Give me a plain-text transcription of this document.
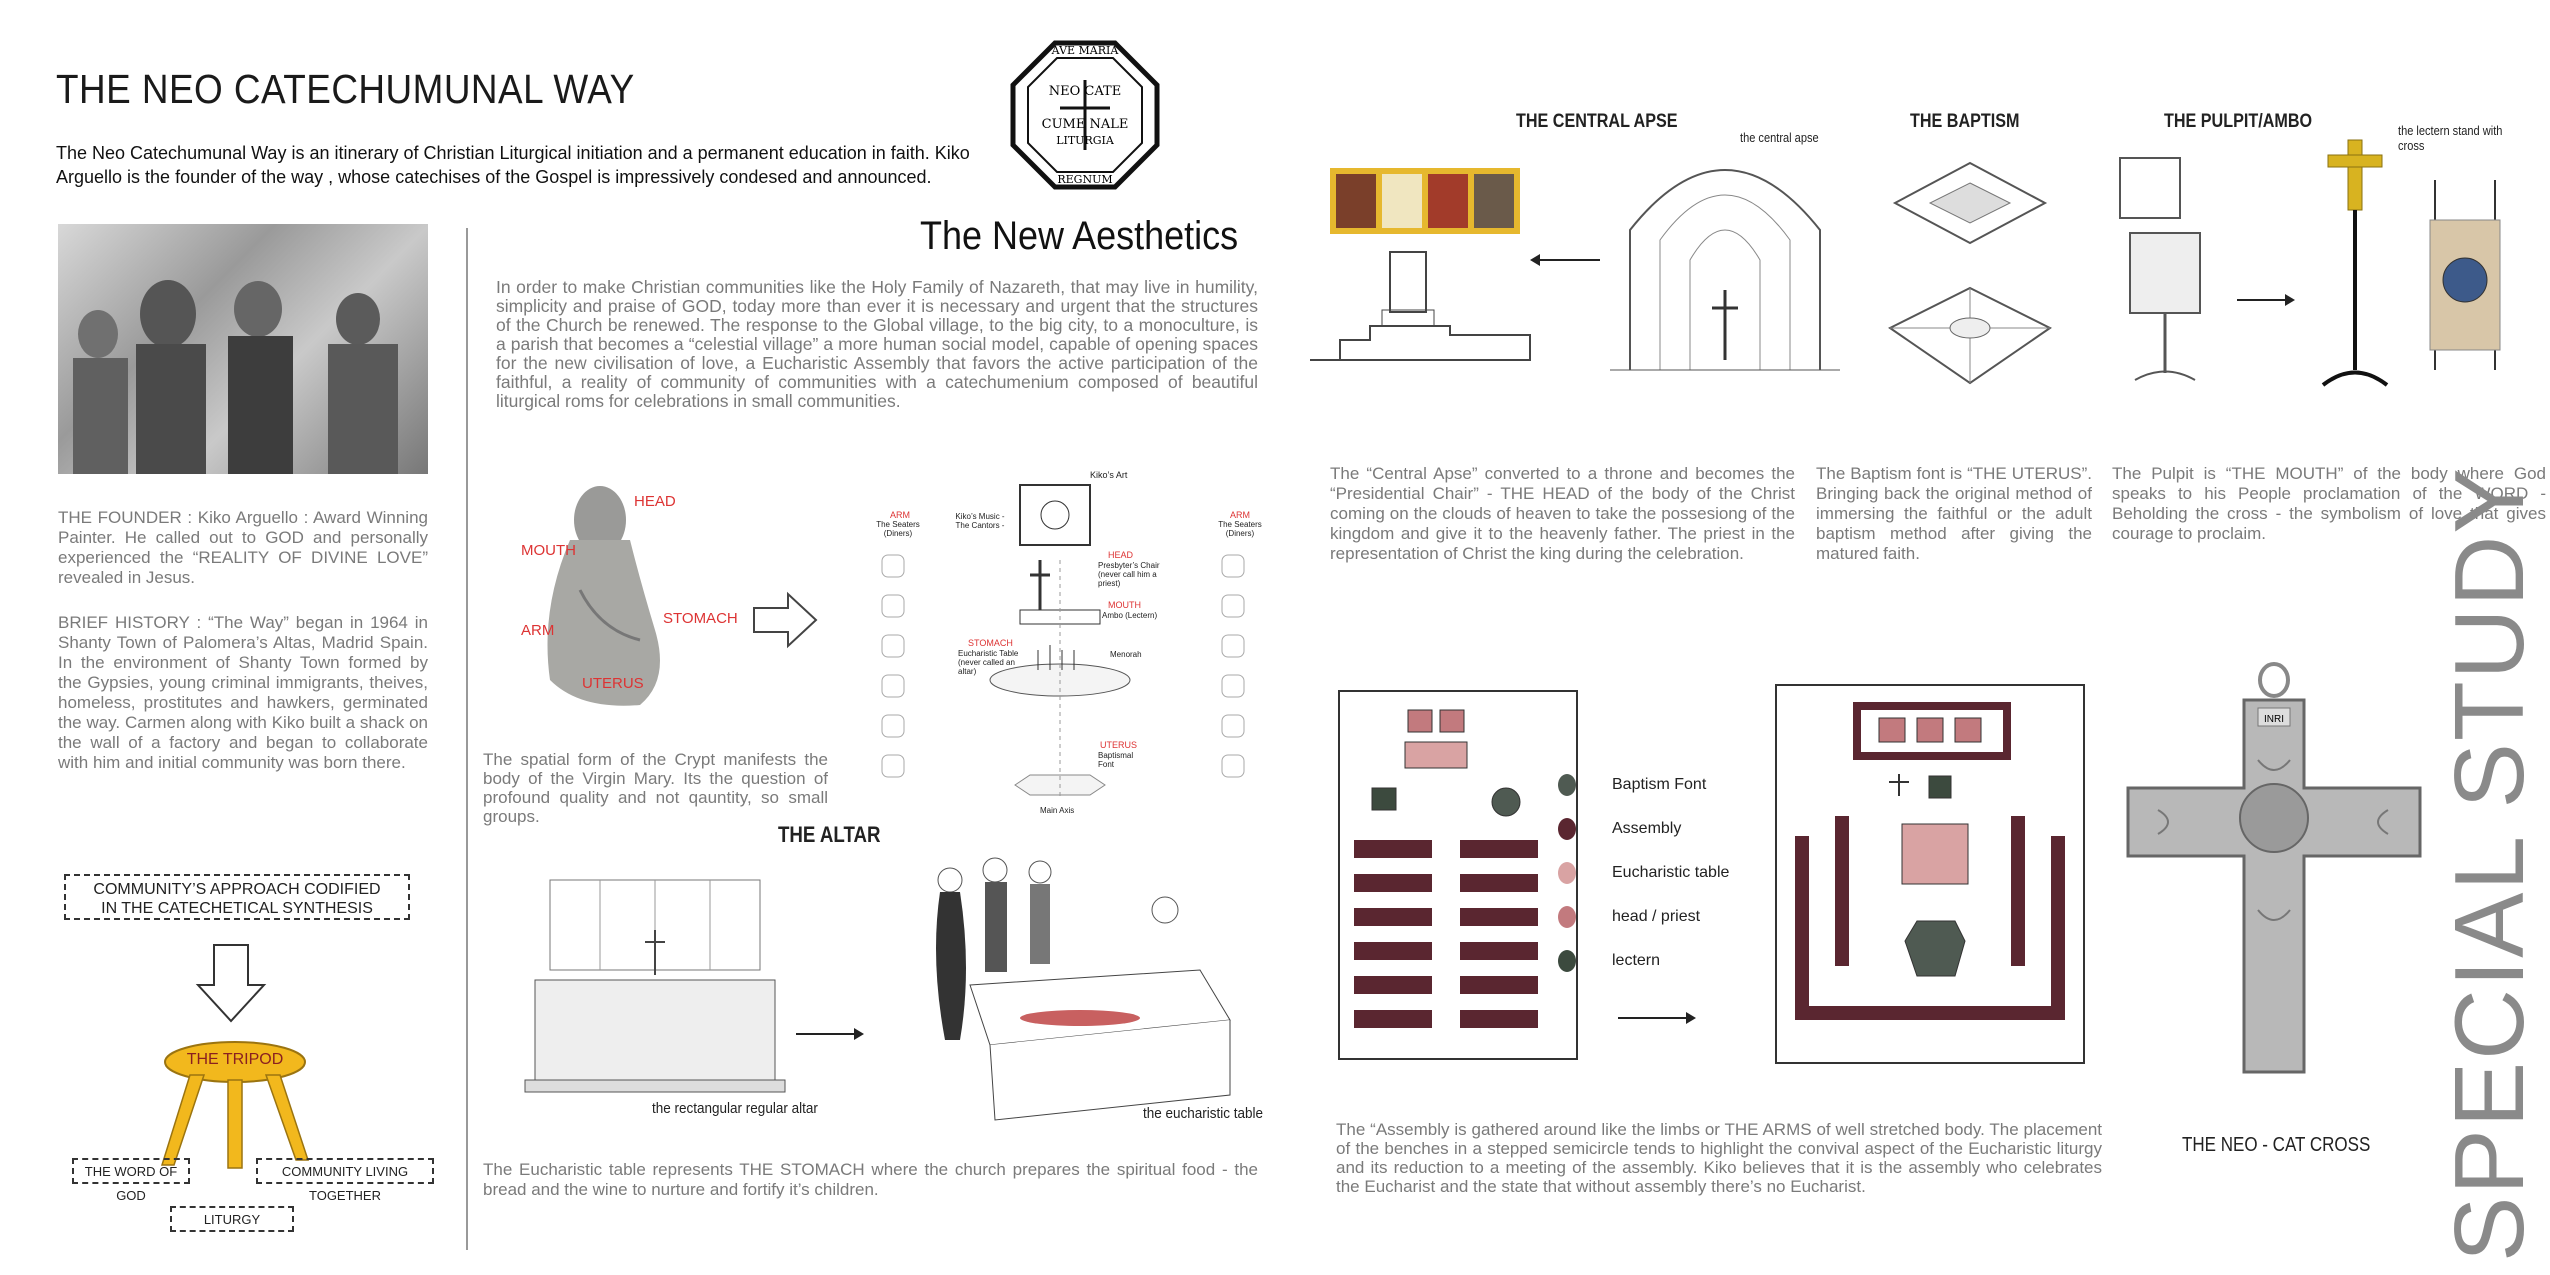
THE NEO CATECHUMUNAL WAY
The Neo Catechumunal Way is an itinerary of Christian Liturgical initiation and a permanent education in faith. Kiko Arguello is the founder of the way , whose catechises of the Gospel is impressively condesed and announced.
AVE MARIA
NEO CATE
CUME NALE
LITURGIA
REGNUM
THE FOUNDER : Kiko Arguello : Award Winning Painter. He called out to GOD and personally experienced the “REALITY OF DIVINE LOVE” revealed in Jesus.
BRIEF HISTORY : “The Way” began in 1964 in Shanty Town of Palomera’s Altas, Madrid Spain. In the environment of Shanty Town formed by the Gypsies, young criminal immigrants, theives, homeless, prostitutes and hawkers, germinated the way. Carmen along with Kiko built a shack on the wall of a factory and began to collaborate with him and initial community was born there.
COMMUNITY’S APPROACH CODIFIED
IN THE CATECHETICAL SYNTHESIS
THE TRIPOD
THE WORD OF GOD
COMMUNITY LIVING TOGETHER
LITURGY
The New Aesthetics
In order to make Christian communities like the Holy Family of Nazareth, that may live in humility, simplicity and praise of GOD, today more than ever it is necessary and urgent that the structures of the Church be renewed. The response to the Global village, to the big city, to a monoculture, is a parish that becomes a “celestial village” a more human social model, capable of opening spaces for the new civilisation of love, a Eucharistic Assembly that favors the active participation of the faithful, a reality of community of communities with a catechumenium composed of beautiful liturgical roms for celebrations in small communities.
HEAD
MOUTH
ARM
STOMACH
UTERUS
The spatial form of the Crypt manifests the body of the Virgin Mary. Its the question of profound quality and not qauntity, so small groups.
Kiko’s Art
ARM
The Seaters (Diners)
ARM
The Seaters (Diners)
Kiko’s Music - The Cantors -
HEAD
Presbyter’s Chair (never call him a priest)
MOUTH
Ambo (Lectern)
STOMACH
Eucharistic Table (never called an altar)
Menorah
UTERUS
Baptismal Font
Main Axis
THE ALTAR
the rectangular regular altar	the eucharistic table
The Eucharistic table represents THE STOMACH where the church prepares the spiritual food - the bread and the wine to nurture and fortify it’s children.
THE CENTRAL APSE
the central apse
THE BAPTISM	THE PULPIT/AMBO	the lectern stand with cross
The “Central Apse” converted to a throne and becomes the “Presidential Chair” - THE HEAD of the body of the Christ coming on the clouds of heaven to take the possesiong of the kingdom and give it to the heavenly father. The priest in the representation of Christ the king during the celebration.
The Baptism font is “THE UTERUS”. Bringing back the original method of immersing the faithful or the adult baptism method after giving the matured faith.
The Pulpit is “THE MOUTH” of the body where God speaks to his People proclamation of the WORD - Beholding the cross - the symbolism of love that gives courage to proclaim.
Baptism Font
Assembly
Eucharistic table
head / priest
lectern
The “Assembly is gathered around like the limbs or THE ARMS of well stretched body. The placement of the benches in a stepped semicircle tends to highlight the convival aspect of the Eucharistic liturgy and its reduction to a meeting of the assembly. Kiko believes that it is the assembly who celebrates the Eucharist and the state that without assembly there’s no Eucharist.
INRI
THE NEO - CAT CROSS SPECIAL STUDY
